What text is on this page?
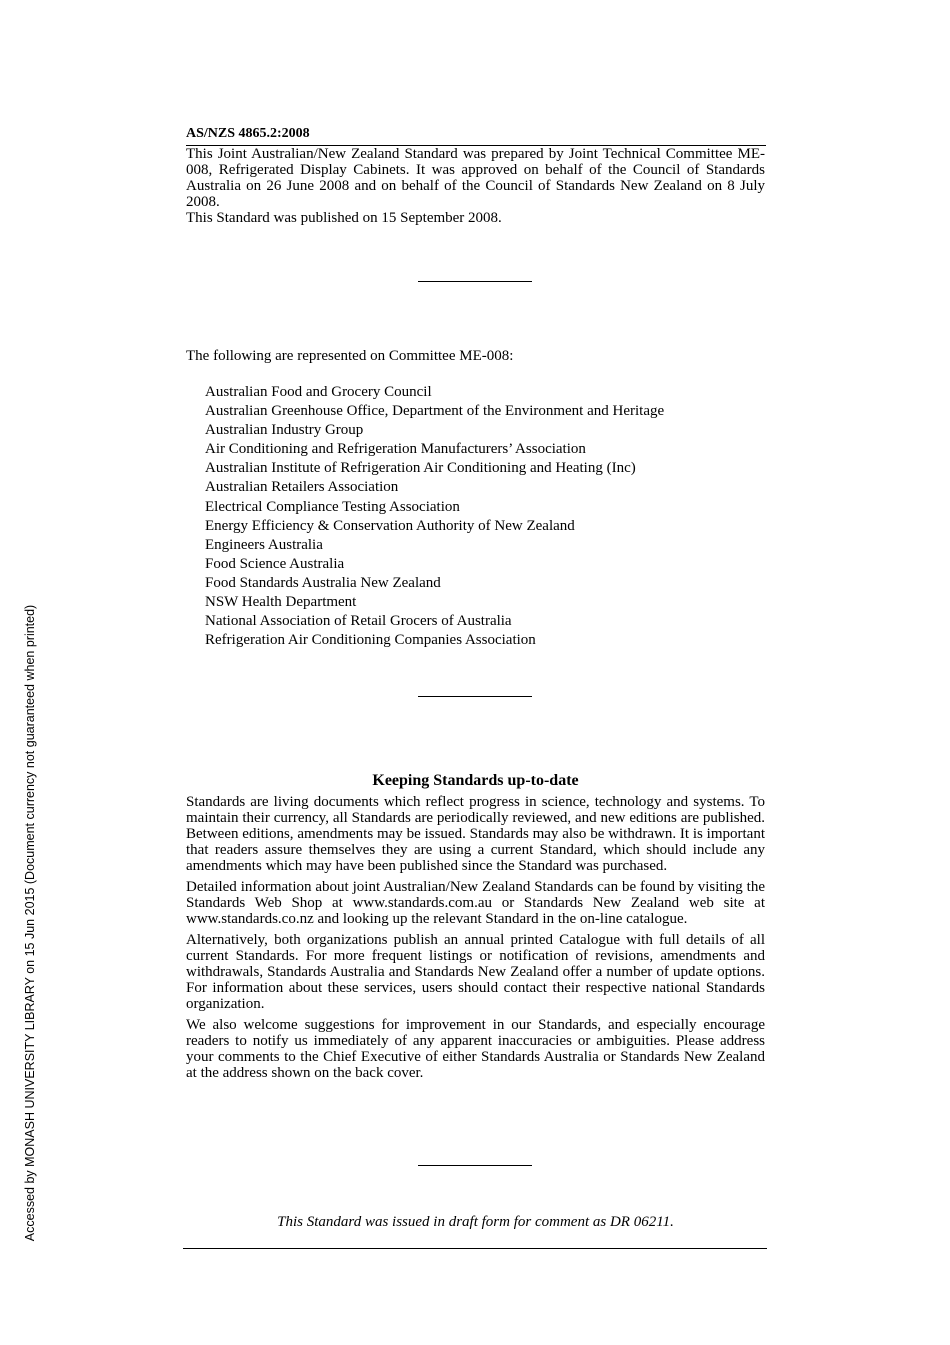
Accessed by MONASH UNIVERSITY LIBRARY on 15 Jun 2015 (Document currency not guaranteed when printed)
AS/NZS 4865.2:2008

This Joint Australian/New Zealand Standard was prepared by Joint Technical Committee ME-008, Refrigerated Display Cabinets. It was approved on behalf of the Council of Standards Australia on 26 June 2008 and on behalf of the Council of Standards New Zealand on 8 July 2008.

This Standard was published on 15 September 2008.

The following are represented on Committee ME-008:
Australian Food and Grocery Council
Australian Greenhouse Office, Department of the Environment and Heritage
Australian Industry Group
Air Conditioning and Refrigeration Manufacturers’ Association
Australian Institute of Refrigeration Air Conditioning and Heating (Inc)
Australian Retailers Association
Electrical Compliance Testing Association
Energy Efficiency & Conservation Authority of New Zealand
Engineers Australia
Food Science Australia
Food Standards Australia New Zealand
NSW Health Department
National Association of Retail Grocers of Australia
Refrigeration Air Conditioning Companies Association
Keeping Standards up-to-date

Standards are living documents which reflect progress in science, technology and systems. To maintain their currency, all Standards are periodically reviewed, and new editions are published. Between editions, amendments may be issued. Standards may also be withdrawn. It is important that readers assure themselves they are using a current Standard, which should include any amendments which may have been published since the Standard was purchased.

Detailed information about joint Australian/New Zealand Standards can be found by visiting the Standards Web Shop at www.standards.com.au or Standards New Zealand web site at www.standards.co.nz and looking up the relevant Standard in the on-line catalogue.

Alternatively, both organizations publish an annual printed Catalogue with full details of all current Standards. For more frequent listings or notification of revisions, amendments and withdrawals, Standards Australia and Standards New Zealand offer a number of update options. For information about these services, users should contact their respective national Standards organization.

We also welcome suggestions for improvement in our Standards, and especially encourage readers to notify us immediately of any apparent inaccuracies or ambiguities. Please address your comments to the Chief Executive of either Standards Australia or Standards New Zealand at the address shown on the back cover.

This Standard was issued in draft form for comment as DR 06211.
